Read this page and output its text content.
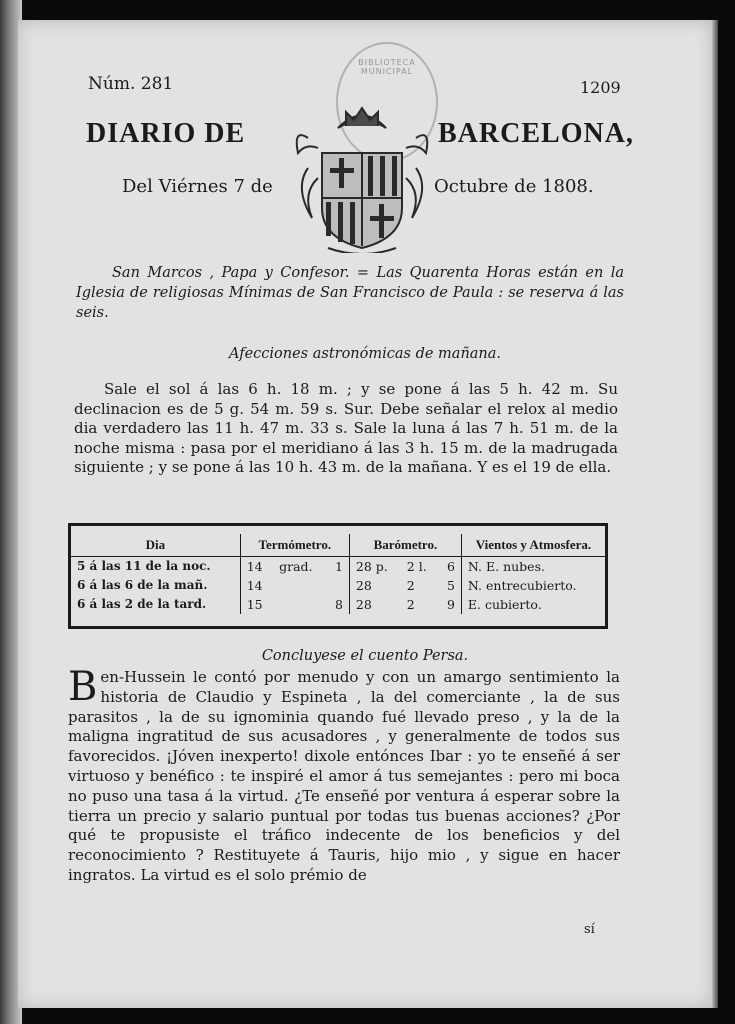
Núm. 281	1209
BIBLIOTECA MUNICIPAL
DIARIO DE	BARCELONA,
Del Viérnes 7 de	Octubre de 1808.
San Marcos , Papa y Confesor. = Las Quarenta Horas están en la Iglesia de religiosas Mínimas de San Francisco de Paula : se reserva á las seis.
Afecciones astronómicas de mañana.
Sale el sol á las 6 h. 18 m. ; y se pone á las 5 h. 42 m. Su declinacion es de 5 g. 54 m. 59 s. Sur. Debe señalar el relox al medio dia verdadero las 11 h. 47 m. 33 s. Sale la luna á las 7 h. 51 m. de la noche misma : pasa por el meridiano á las 3 h. 15 m. de la madrugada siguiente ; y se pone á las 10 h. 43 m. de la mañana. Y es el 19 de ella.
Dia	Termómetro.			Barómetro.			Vientos y Atmosfera.
5 á las 11 de la noc.	14	grad.	1	28 p.	2 l.	6	N. E. nubes.
6 á las 6 de la mañ.	14			28	2	5	N. entrecubierto.
6 á las 2 de la tard.	15		8	28	2	9	E. cubierto.
Concluyese el cuento Persa.
Ben-Hussein le contó por menudo y con un amargo sentimiento la historia de Claudio y Espineta , la del comerciante , la de sus parasitos , la de su ignominia quando fué llevado preso , y la de la maligna ingratitud de sus acusadores , y generalmente de todos sus favorecidos. ¡Jóven inexperto! dixole entónces Ibar : yo te enseñé á ser virtuoso y benéfico : te inspiré el amor á tus semejantes : pero mi boca no puso una tasa á la virtud. ¿Te enseñé por ventura á esperar sobre la tierra un precio y salario puntual por todas tus buenas acciones? ¿Por qué te propusiste el tráfico indecente de los beneficios y del reconocimiento ? Restituyete á Tauris, hijo mio , y sigue en hacer ingratos. La virtud es el solo prémio de
sí
